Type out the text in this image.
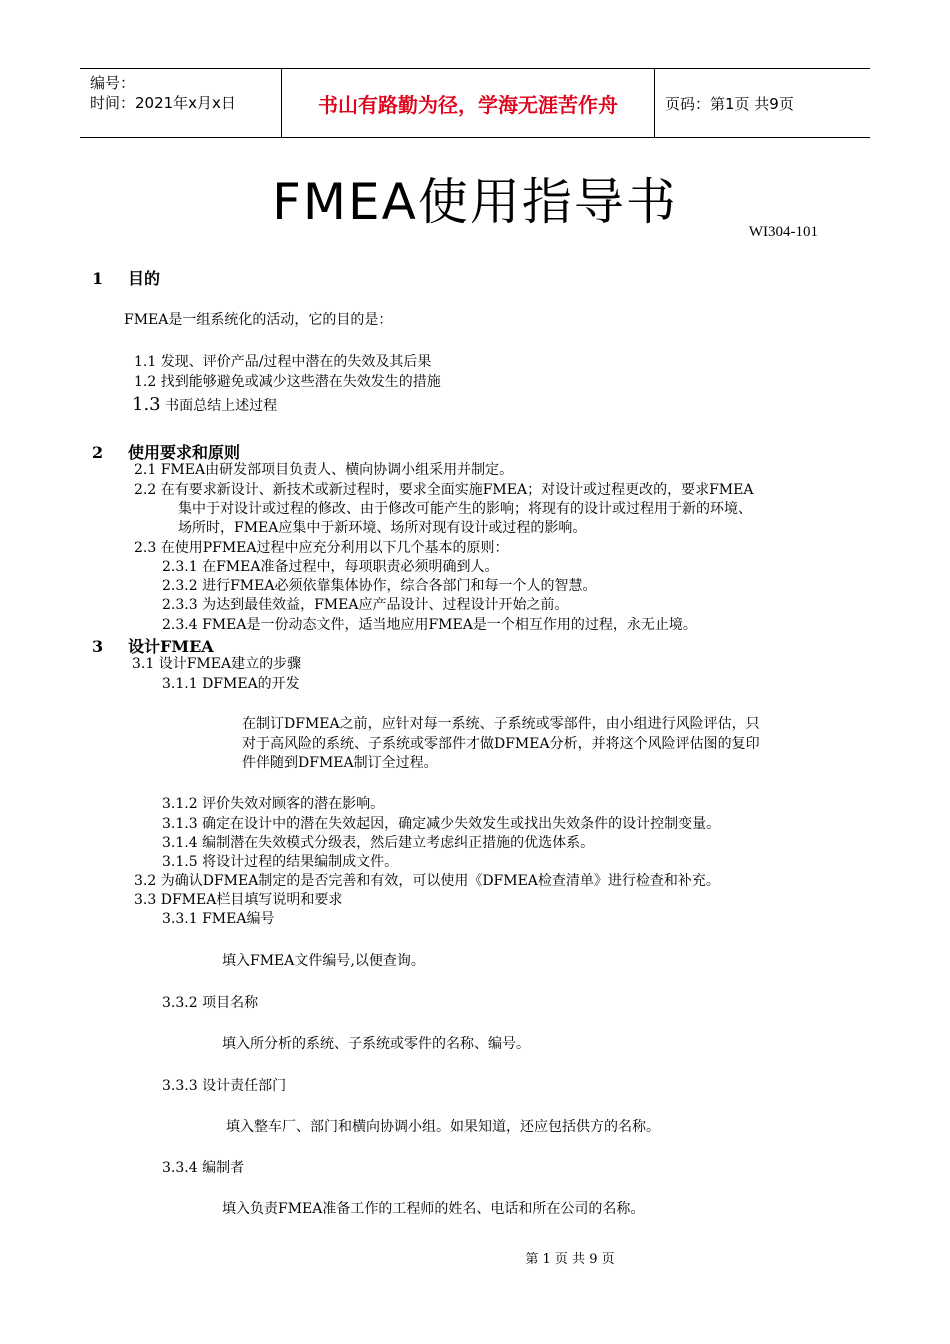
编号：
时间：2021年x月x日	书山有路勤为径，学海无涯苦作舟	页码：第1页 共9页
FMEA使用指导书
WI304-101
1 目的
FMEA是一组系统化的活动，它的目的是：
1.1 发现、评价产品/过程中潜在的失效及其后果
1.2 找到能够避免或减少这些潜在失效发生的措施
1.3 书面总结上述过程
2 使用要求和原则
2.1 FMEA由研发部项目负责人、横向协调小组采用并制定。
2.2 在有要求新设计、新技术或新过程时，要求全面实施FMEA；对设计或过程更改的，要求FMEA
集中于对设计或过程的修改、由于修改可能产生的影响；将现有的设计或过程用于新的环境、
场所时，FMEA应集中于新环境、场所对现有设计或过程的影响。
2.3 在使用PFMEA过程中应充分利用以下几个基本的原则：
2.3.1 在FMEA准备过程中，每项职责必须明确到人。
2.3.2 进行FMEA必须依靠集体协作，综合各部门和每一个人的智慧。
2.3.3 为达到最佳效益，FMEA应产品设计、过程设计开始之前。
2.3.4 FMEA是一份动态文件，适当地应用FMEA是一个相互作用的过程，永无止境。
3 设计FMEA
3.1 设计FMEA建立的步骤
3.1.1 DFMEA的开发
在制订DFMEA之前，应针对每一系统、子系统或零部件，由小组进行风险评估，只
对于高风险的系统、子系统或零部件才做DFMEA分析，并将这个风险评估图的复印
件伴随到DFMEA制订全过程。
3.1.2 评价失效对顾客的潜在影响。
3.1.3 确定在设计中的潜在失效起因，确定减少失效发生或找出失效条件的设计控制变量。
3.1.4 编制潜在失效模式分级表，然后建立考虑纠正措施的优选体系。
3.1.5 将设计过程的结果编制成文件。
3.2 为确认DFMEA制定的是否完善和有效，可以使用《DFMEA检查清单》进行检查和补充。
3.3 DFMEA栏目填写说明和要求
3.3.1 FMEA编号
填入FMEA文件编号,以便查询。
3.3.2 项目名称
填入所分析的系统、子系统或零件的名称、编号。
3.3.3 设计责任部门
填入整车厂、部门和横向协调小组。如果知道，还应包括供方的名称。
3.3.4 编制者
填入负责FMEA准备工作的工程师的姓名、电话和所在公司的名称。
第 1 页 共 9 页
